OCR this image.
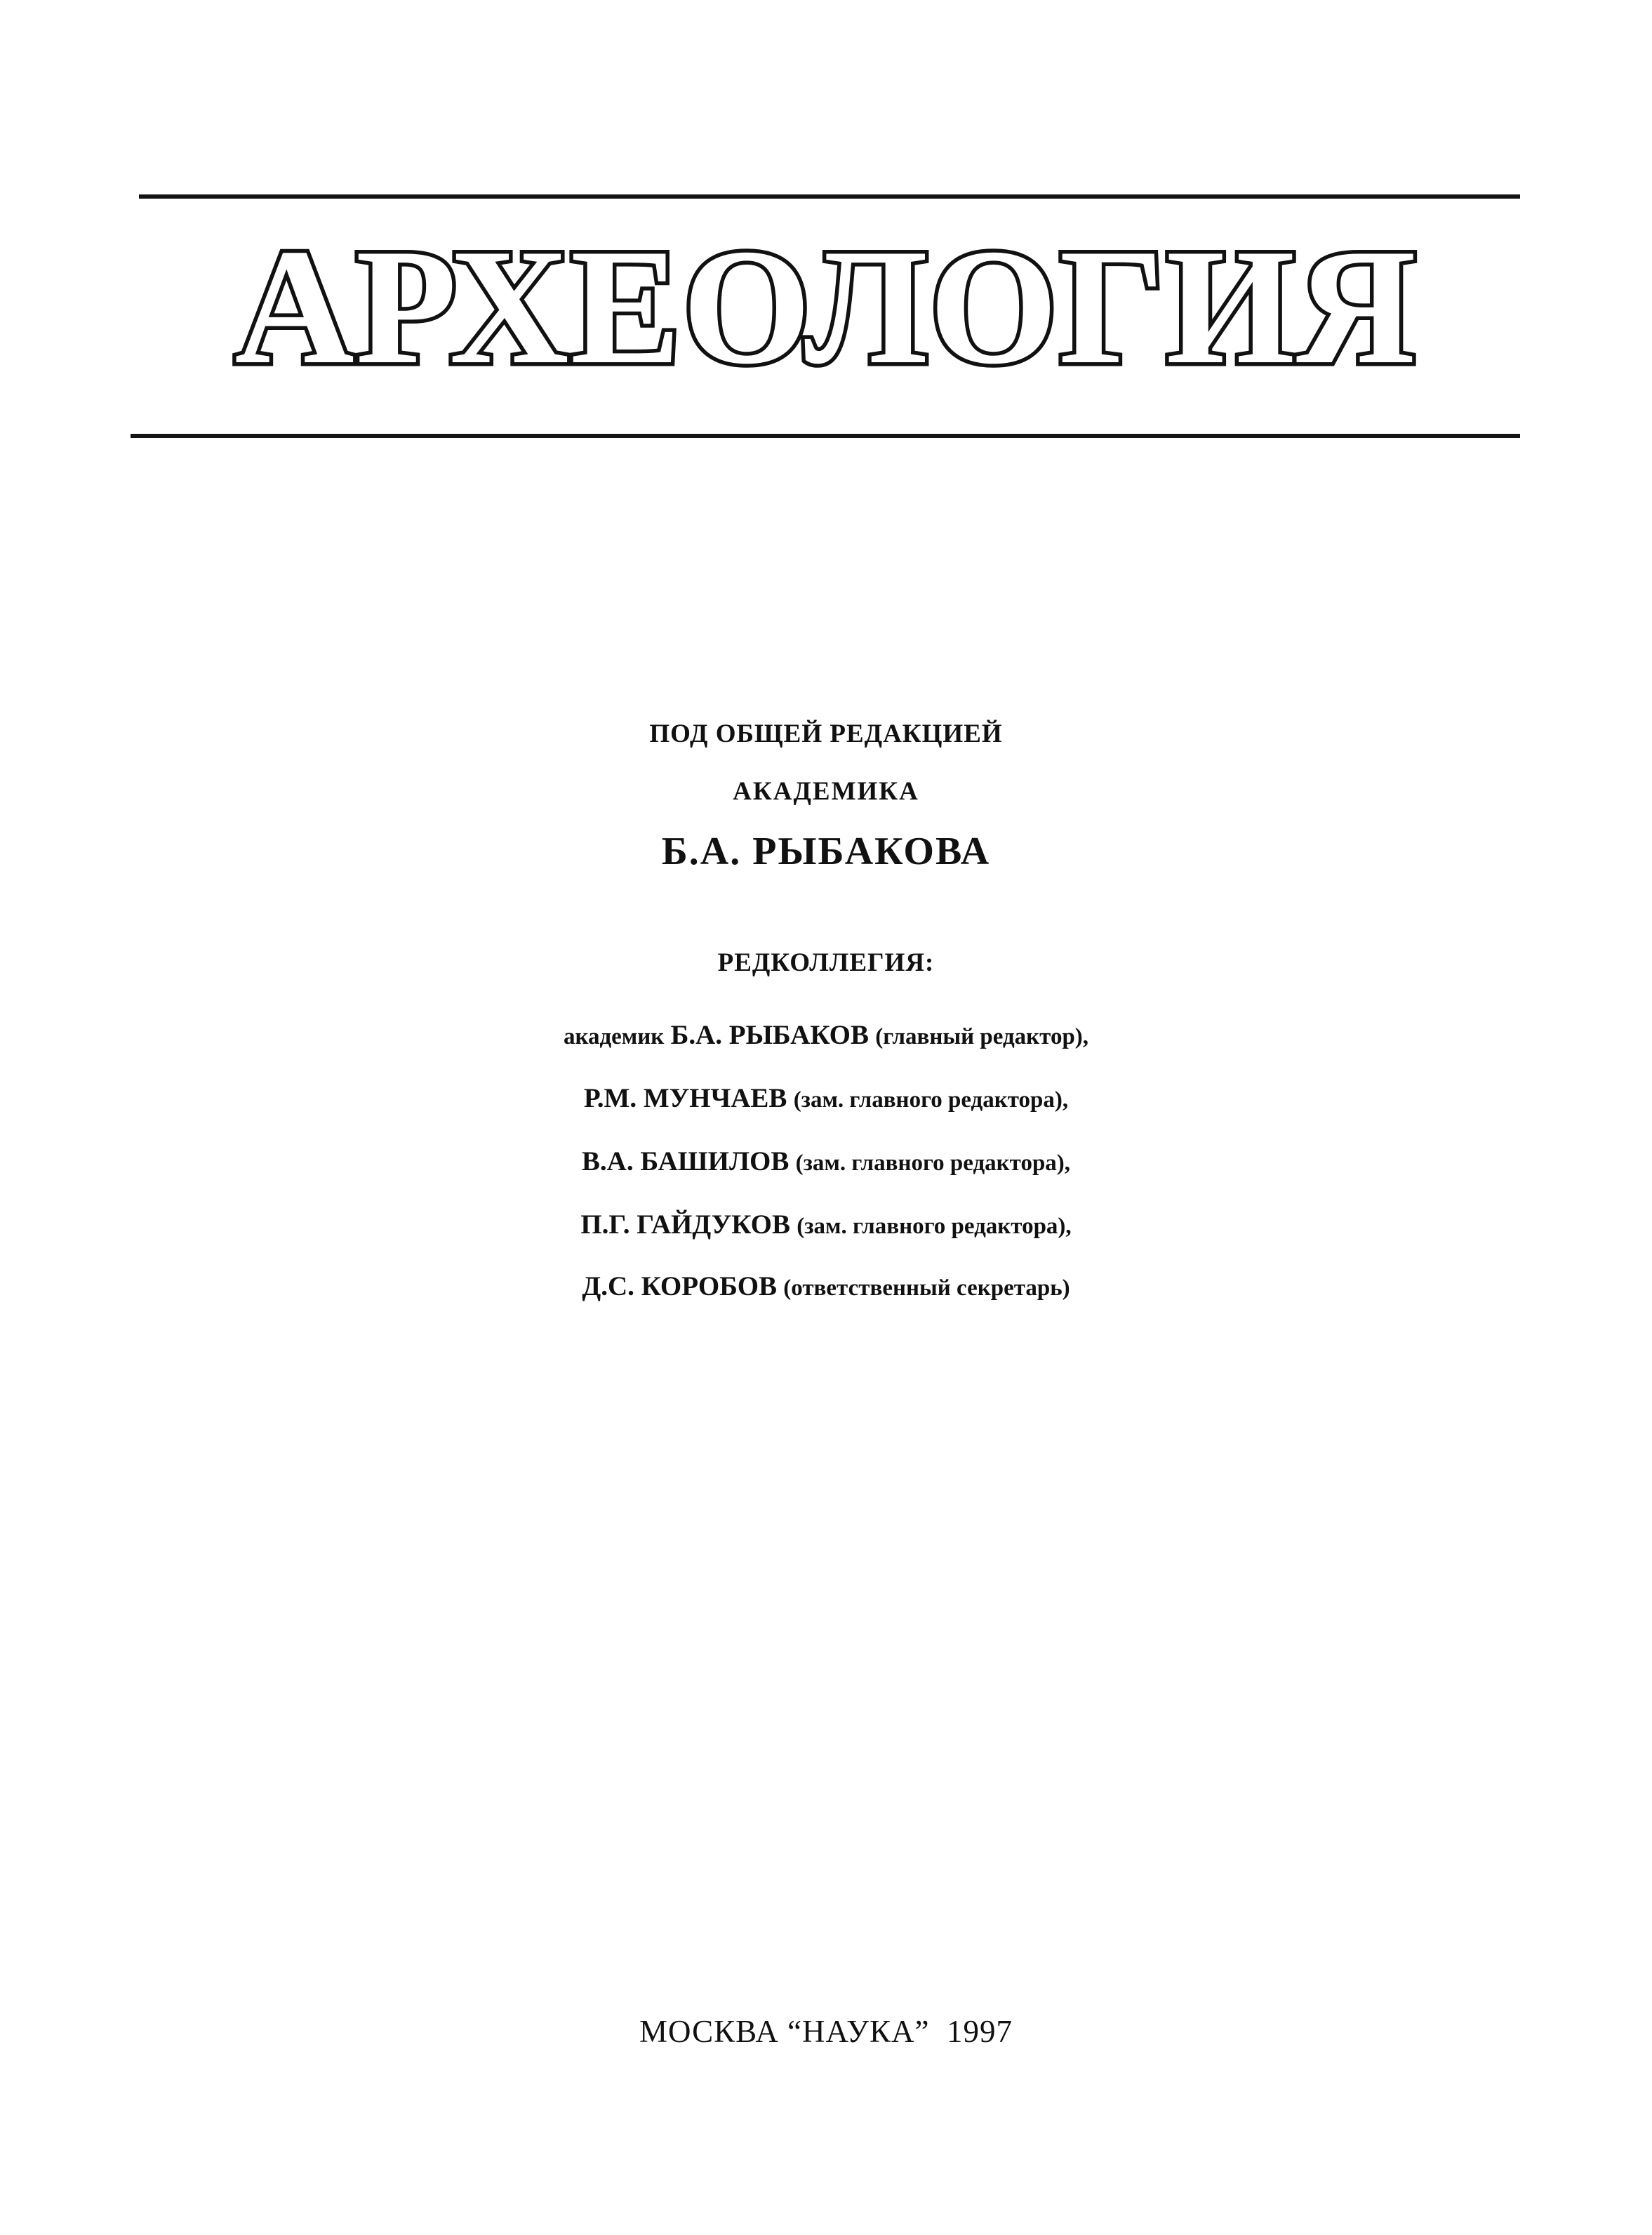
АРХЕОЛОГИЯ
ПОД ОБЩЕЙ РЕДАКЦИЕЙ
АКАДЕМИКА
Б.А. РЫБАКОВА
РЕДКОЛЛЕГИЯ:
академик Б.А. РЫБАКОВ (главный редактор),
Р.М. МУНЧАЕВ (зам. главного редактора),
В.А. БАШИЛОВ (зам. главного редактора),
П.Г. ГАЙДУКОВ (зам. главного редактора),
Д.С. КОРОБОВ (ответственный секретарь)
МОСКВА “НАУКА” 1997
